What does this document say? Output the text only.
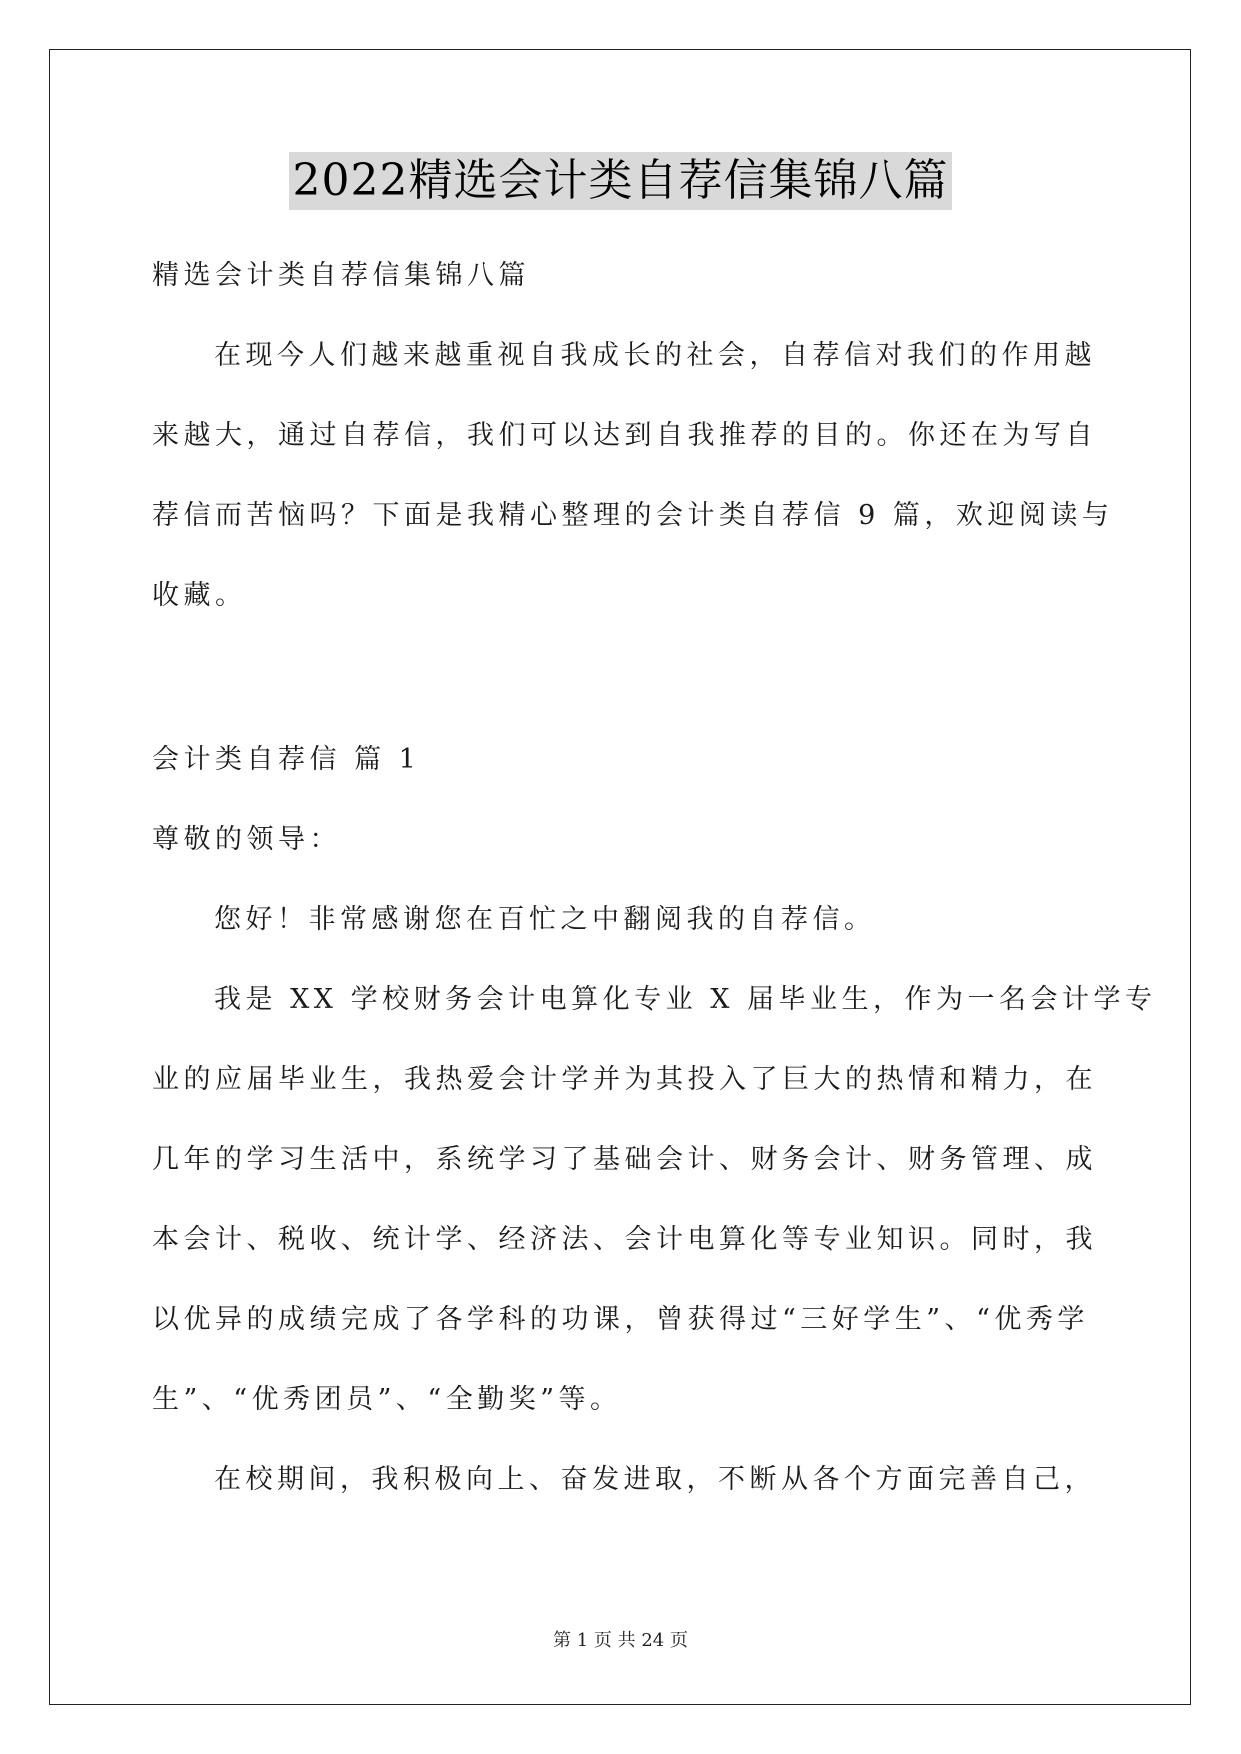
2022精选会计类自荐信集锦八篇

精选会计类自荐信集锦八篇

在现今人们越来越重视自我成长的社会，自荐信对我们的作用越

来越大，通过自荐信，我们可以达到自我推荐的目的。你还在为写自

荐信而苦恼吗？下面是我精心整理的会计类自荐信 9 篇，欢迎阅读与

收藏。

会计类自荐信 篇 1

尊敬的领导：

您好！非常感谢您在百忙之中翻阅我的自荐信。

我是 XX 学校财务会计电算化专业 X 届毕业生，作为一名会计学专

业的应届毕业生，我热爱会计学并为其投入了巨大的热情和精力，在

几年的学习生活中，系统学习了基础会计、财务会计、财务管理、成

本会计、税收、统计学、经济法、会计电算化等专业知识。同时，我

以优异的成绩完成了各学科的功课，曾获得过“三好学生”、“优秀学

生”、“优秀团员”、“全勤奖”等。

在校期间，我积极向上、奋发进取，不断从各个方面完善自己，

第 1 页 共 24 页
